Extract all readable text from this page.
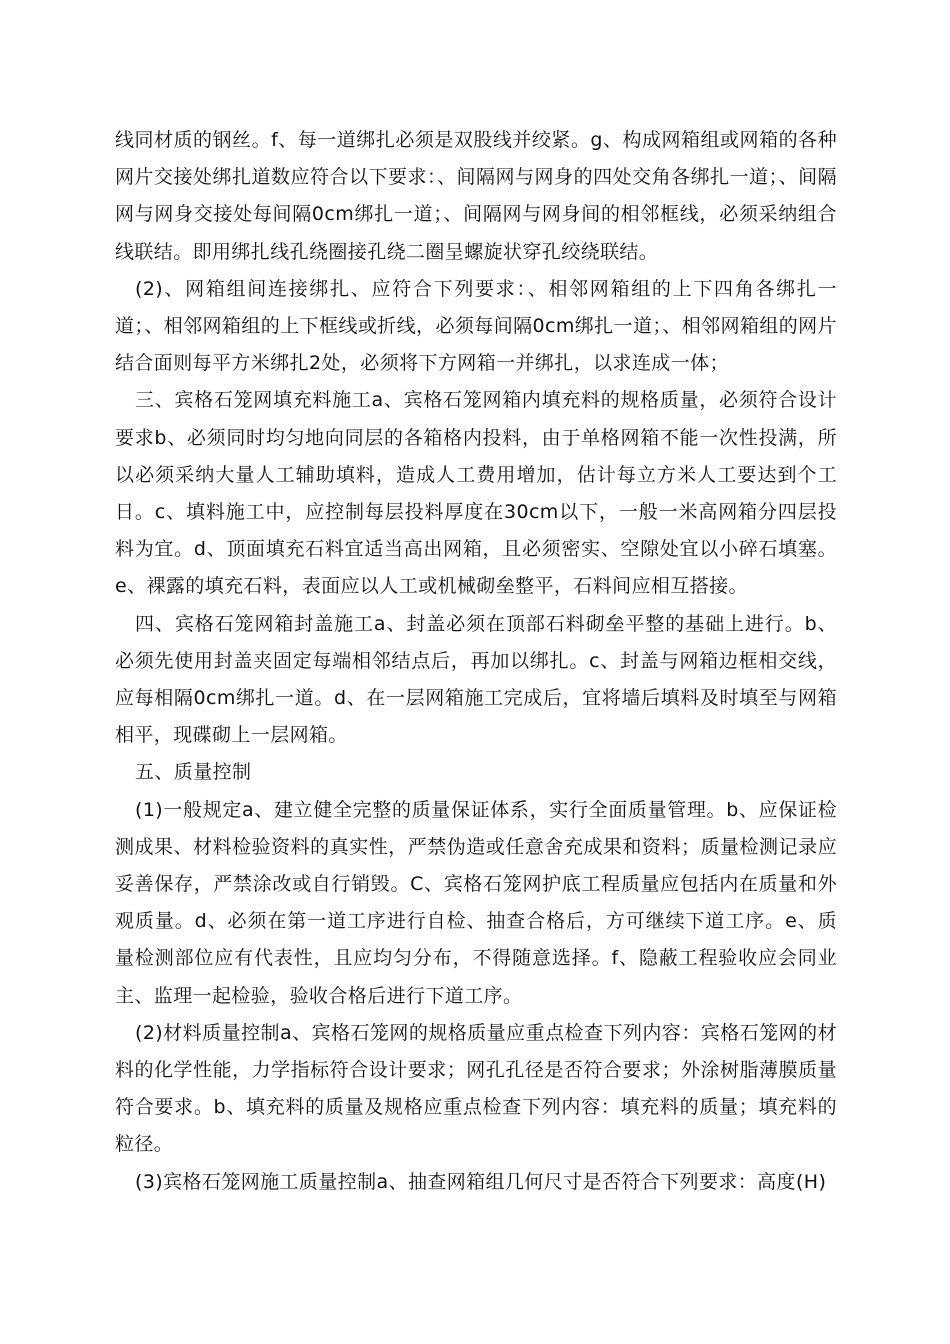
线同材质的钢丝。f、每一道绑扎必须是双股线并绞紧。g、构成网箱组或网箱的各种网片交接处绑扎道数应符合以下要求：、间隔网与网身的四处交角各绑扎一道；、间隔网与网身交接处每间隔0cm绑扎一道；、间隔网与网身间的相邻框线，必须采纳组合线联结。即用绑扎线孔绕圈接孔绕二圈呈螺旋状穿孔绞绕联结。

(2)、网箱组间连接绑扎、应符合下列要求：、相邻网箱组的上下四角各绑扎一道；、相邻网箱组的上下框线或折线，必须每间隔0cm绑扎一道；、相邻网箱组的网片结合面则每平方米绑扎2处，必须将下方网箱一并绑扎，以求连成一体；

三、宾格石笼网填充料施工a、宾格石笼网箱内填充料的规格质量，必须符合设计要求b、必须同时均匀地向同层的各箱格内投料，由于单格网箱不能一次性投满，所以必须采纳大量人工辅助填料，造成人工费用增加，估计每立方米人工要达到个工日。c、填料施工中，应控制每层投料厚度在30cm以下，一般一米高网箱分四层投料为宜。d、顶面填充石料宜适当高出网箱，且必须密实、空隙处宜以小碎石填塞。e、裸露的填充石料，表面应以人工或机械砌垒整平，石料间应相互搭接。

四、宾格石笼网箱封盖施工a、封盖必须在顶部石料砌垒平整的基础上进行。b、必须先使用封盖夹固定每端相邻结点后，再加以绑扎。c、封盖与网箱边框相交线，应每相隔0cm绑扎一道。d、在一层网箱施工完成后，宜将墙后填料及时填至与网箱相平，现碟砌上一层网箱。

五、质量控制

(1)一般规定a、建立健全完整的质量保证体系，实行全面质量管理。b、应保证检测成果、材料检验资料的真实性，严禁伪造或任意舍充成果和资料；质量检测记录应妥善保存，严禁涂改或自行销毁。C、宾格石笼网护底工程质量应包括内在质量和外观质量。d、必须在第一道工序进行自检、抽查合格后，方可继续下道工序。e、质量检测部位应有代表性，且应均匀分布，不得随意选择。f、隐蔽工程验收应会同业主、监理一起检验，验收合格后进行下道工序。

(2)材料质量控制a、宾格石笼网的规格质量应重点检查下列内容：宾格石笼网的材料的化学性能，力学指标符合设计要求；网孔孔径是否符合要求；外涂树脂薄膜质量符合要求。b、填充料的质量及规格应重点检查下列内容：填充料的质量；填充料的粒径。

(3)宾格石笼网施工质量控制a、抽查网箱组几何尺寸是否符合下列要求：高度(H)
